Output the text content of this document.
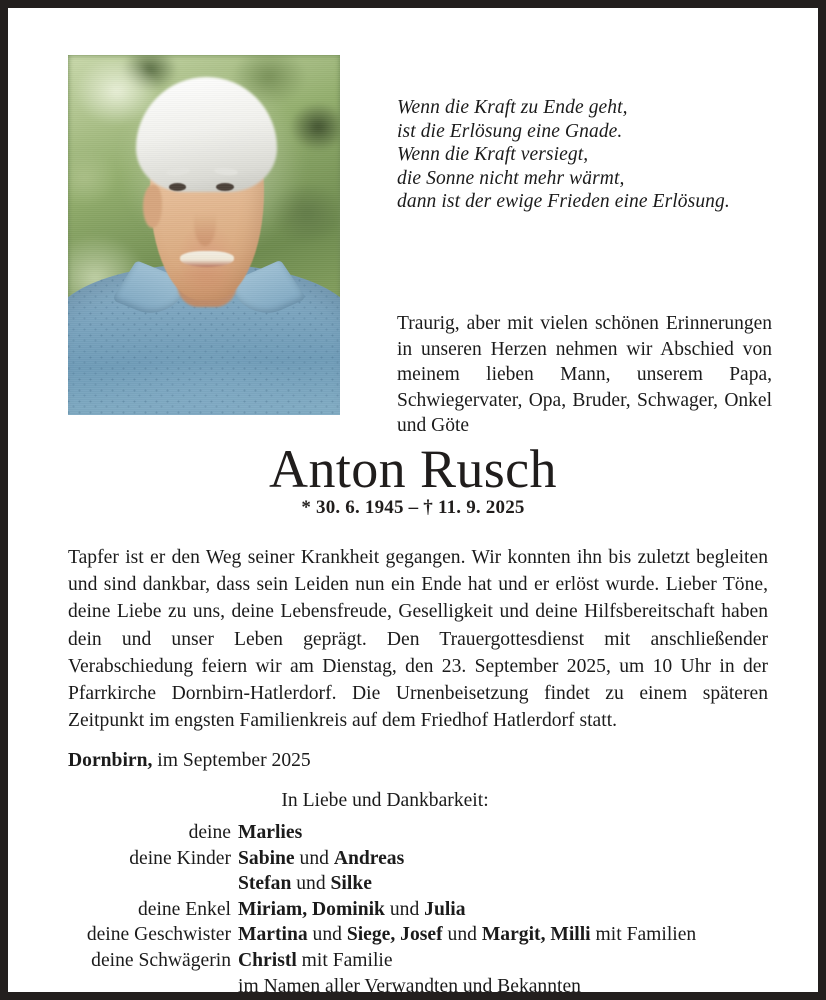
Wenn die Kraft zu Ende geht,
ist die Erlösung eine Gnade.
Wenn die Kraft versiegt,
die Sonne nicht mehr wärmt,
dann ist der ewige Frieden eine Erlösung.
Traurig, aber mit vielen schönen Erinnerungen in unseren Herzen nehmen wir Abschied von meinem lieben Mann, unserem Papa, Schwiegervater, Opa, Bruder, Schwager, Onkel und Göte
Anton Rusch
* 30. 6. 1945 – † 11. 9. 2025
Tapfer ist er den Weg seiner Krankheit gegangen. Wir konnten ihn bis zuletzt begleiten und sind dankbar, dass sein Leiden nun ein Ende hat und er erlöst wurde. Lieber Töne, deine Liebe zu uns, deine Lebensfreude, Geselligkeit und deine Hilfsbereitschaft haben dein und unser Leben geprägt. Den Trauergottesdienst mit anschließender Verabschiedung feiern wir am Dienstag, den 23. September 2025, um 10 Uhr in der Pfarrkirche Dornbirn-Hatlerdorf. Die Urnenbeisetzung findet zu einem späteren Zeitpunkt im engsten Familienkreis auf dem Friedhof Hatlerdorf statt.
Dornbirn, im September 2025
In Liebe und Dankbarkeit:
deine Marlies
deine Kinder Sabine und Andreas
Stefan und Silke
deine Enkel Miriam, Dominik und Julia
deine Geschwister Martina und Siege, Josef und Margit, Milli mit Familien
deine Schwägerin Christl mit Familie
im Namen aller Verwandten und Bekannten
